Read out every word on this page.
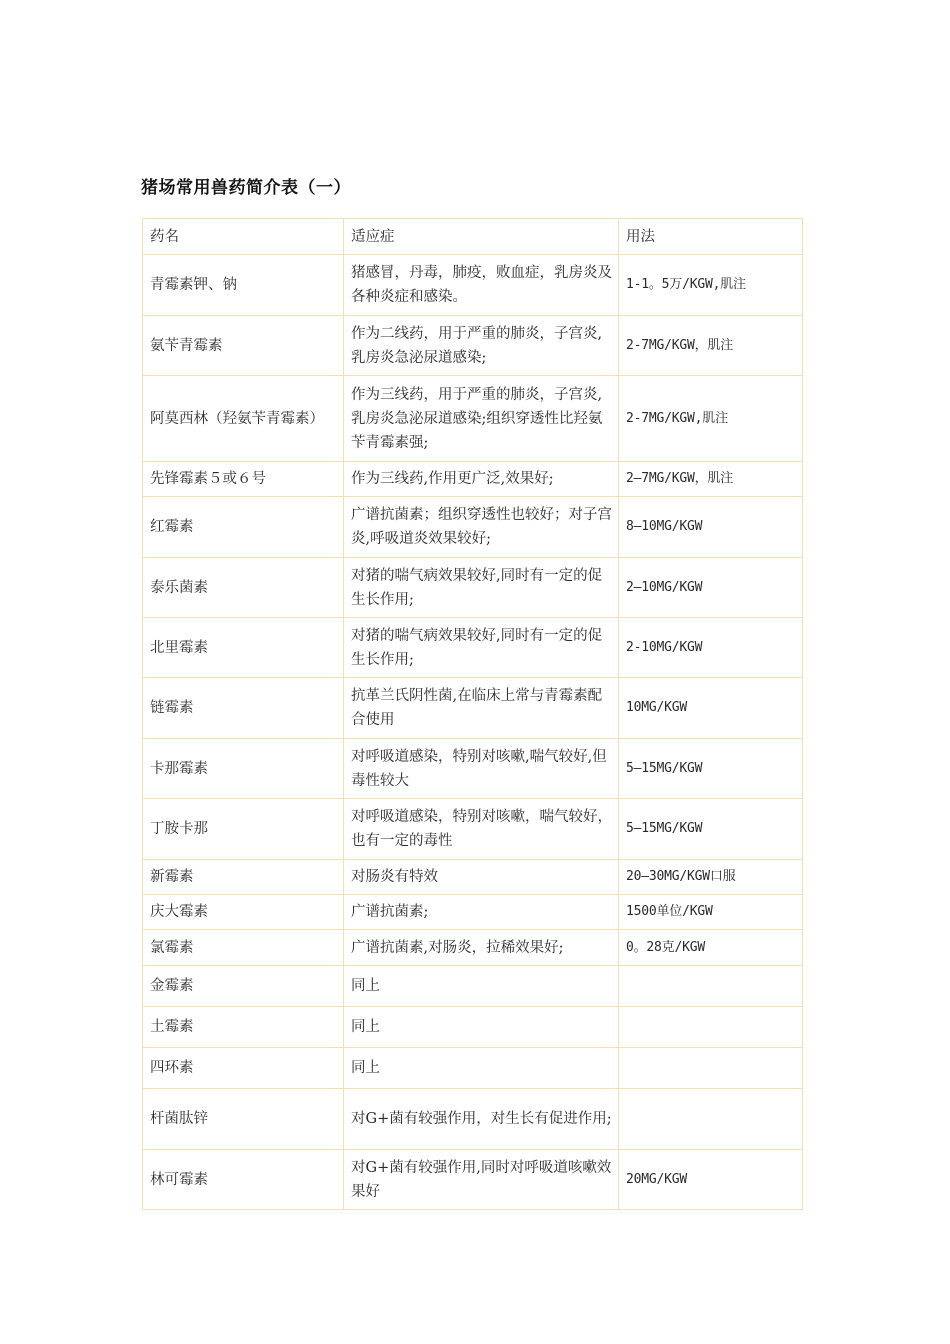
猪场常用兽药简介表（一）
药名	适应症	用法
青霉素钾、钠	猪感冒，丹毒，肺疫，败血症，乳房炎及各种炎症和感染。	1-1。5万/KGW,肌注
氨苄青霉素	作为二线药，用于严重的肺炎，子宫炎,乳房炎急泌尿道感染;	2-7MG/KGW，肌注
阿莫西林（羟氨苄青霉素）	作为三线药，用于严重的肺炎，子宫炎,乳房炎急泌尿道感染;组织穿透性比羟氨苄青霉素强;	2-7MG/KGW,肌注
先锋霉素５或６号	作为三线药,作用更广泛,效果好;	2—7MG/KGW，肌注
红霉素	广谱抗菌素；组织穿透性也较好；对子宫炎,呼吸道炎效果较好;	8—10MG/KGW
泰乐菌素	对猪的喘气病效果较好,同时有一定的促生长作用;	2—10MG/KGW
北里霉素	对猪的喘气病效果较好,同时有一定的促生长作用;	2-10MG/KGW
链霉素	抗革兰氏阴性菌,在临床上常与青霉素配合使用	10MG/KGW
卡那霉素	对呼吸道感染，特别对咳嗽,喘气较好,但毒性较大	5—15MG/KGW
丁胺卡那	对呼吸道感染，特别对咳嗽，喘气较好，也有一定的毒性	5—15MG/KGW
新霉素	对肠炎有特效	20—30MG/KGW口服
庆大霉素	广谱抗菌素;	1500单位/KGW
氯霉素	广谱抗菌素,对肠炎，拉稀效果好;	0。28克/KGW
金霉素	同上	
土霉素	同上	
四环素	同上	
杆菌肽锌	对G+菌有较强作用，对生长有促进作用;	
林可霉素	对G+菌有较强作用,同时对呼吸道咳嗽效果好	20MG/KGW
